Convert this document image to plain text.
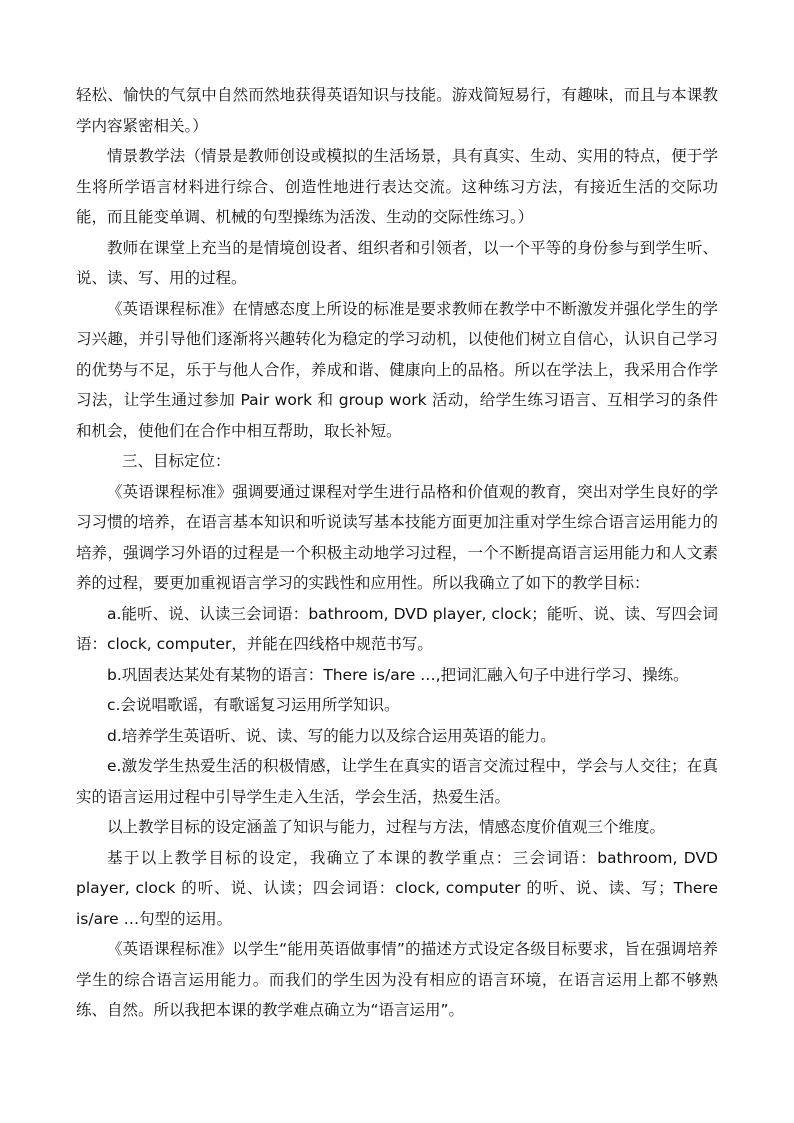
轻松、愉快的气氛中自然而然地获得英语知识与技能。游戏简短易行，有趣味，而且与本课教学内容紧密相关。）

情景教学法（情景是教师创设或模拟的生活场景，具有真实、生动、实用的特点，便于学生将所学语言材料进行综合、创造性地进行表达交流。这种练习方法，有接近生活的交际功能，而且能变单调、机械的句型操练为活泼、生动的交际性练习。）

教师在课堂上充当的是情境创设者、组织者和引领者，以一个平等的身份参与到学生听、说、读、写、用的过程。

《英语课程标准》在情感态度上所设的标准是要求教师在教学中不断激发并强化学生的学习兴趣，并引导他们逐渐将兴趣转化为稳定的学习动机，以使他们树立自信心，认识自己学习的优势与不足，乐于与他人合作，养成和谐、健康向上的品格。所以在学法上，我采用合作学习法，让学生通过参加 Pair work 和 group work 活动，给学生练习语言、互相学习的条件和机会，使他们在合作中相互帮助，取长补短。

三、目标定位：

《英语课程标准》强调要通过课程对学生进行品格和价值观的教育，突出对学生良好的学习习惯的培养，在语言基本知识和听说读写基本技能方面更加注重对学生综合语言运用能力的培养，强调学习外语的过程是一个积极主动地学习过程，一个不断提高语言运用能力和人文素养的过程，要更加重视语言学习的实践性和应用性。所以我确立了如下的教学目标：

a.能听、说、认读三会词语：bathroom, DVD player, clock；能听、说、读、写四会词语：clock, computer，并能在四线格中规范书写。

b.巩固表达某处有某物的语言：There is/are …,把词汇融入句子中进行学习、操练。

c.会说唱歌谣，有歌谣复习运用所学知识。

d.培养学生英语听、说、读、写的能力以及综合运用英语的能力。

e.激发学生热爱生活的积极情感，让学生在真实的语言交流过程中，学会与人交往；在真实的语言运用过程中引导学生走入生活，学会生活，热爱生活。

以上教学目标的设定涵盖了知识与能力，过程与方法，情感态度价值观三个维度。

基于以上教学目标的设定，我确立了本课的教学重点：三会词语：bathroom, DVD player, clock 的听、说、认读；四会词语：clock, computer 的听、说、读、写；There is/are …句型的运用。

《英语课程标准》以学生“能用英语做事情”的描述方式设定各级目标要求，旨在强调培养学生的综合语言运用能力。而我们的学生因为没有相应的语言环境，在语言运用上都不够熟练、自然。所以我把本课的教学难点确立为“语言运用”。
